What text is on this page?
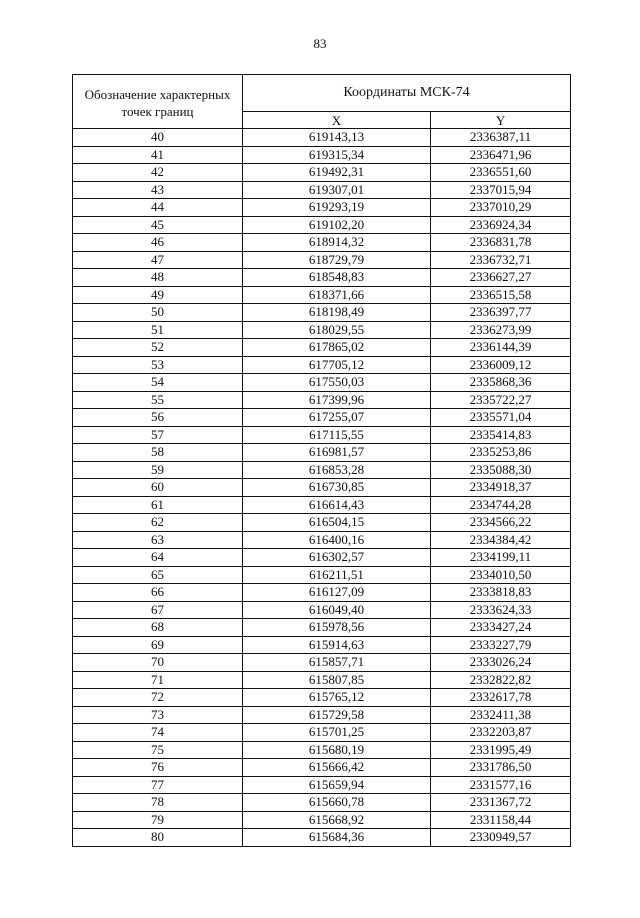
83
Обозначение характерных точек границ	Координаты МСК-74	
	X	Y
40	619143,13	2336387,11
41	619315,34	2336471,96
42	619492,31	2336551,60
43	619307,01	2337015,94
44	619293,19	2337010,29
45	619102,20	2336924,34
46	618914,32	2336831,78
47	618729,79	2336732,71
48	618548,83	2336627,27
49	618371,66	2336515,58
50	618198,49	2336397,77
51	618029,55	2336273,99
52	617865,02	2336144,39
53	617705,12	2336009,12
54	617550,03	2335868,36
55	617399,96	2335722,27
56	617255,07	2335571,04
57	617115,55	2335414,83
58	616981,57	2335253,86
59	616853,28	2335088,30
60	616730,85	2334918,37
61	616614,43	2334744,28
62	616504,15	2334566,22
63	616400,16	2334384,42
64	616302,57	2334199,11
65	616211,51	2334010,50
66	616127,09	2333818,83
67	616049,40	2333624,33
68	615978,56	2333427,24
69	615914,63	2333227,79
70	615857,71	2333026,24
71	615807,85	2332822,82
72	615765,12	2332617,78
73	615729,58	2332411,38
74	615701,25	2332203,87
75	615680,19	2331995,49
76	615666,42	2331786,50
77	615659,94	2331577,16
78	615660,78	2331367,72
79	615668,92	2331158,44
80	615684,36	2330949,57
